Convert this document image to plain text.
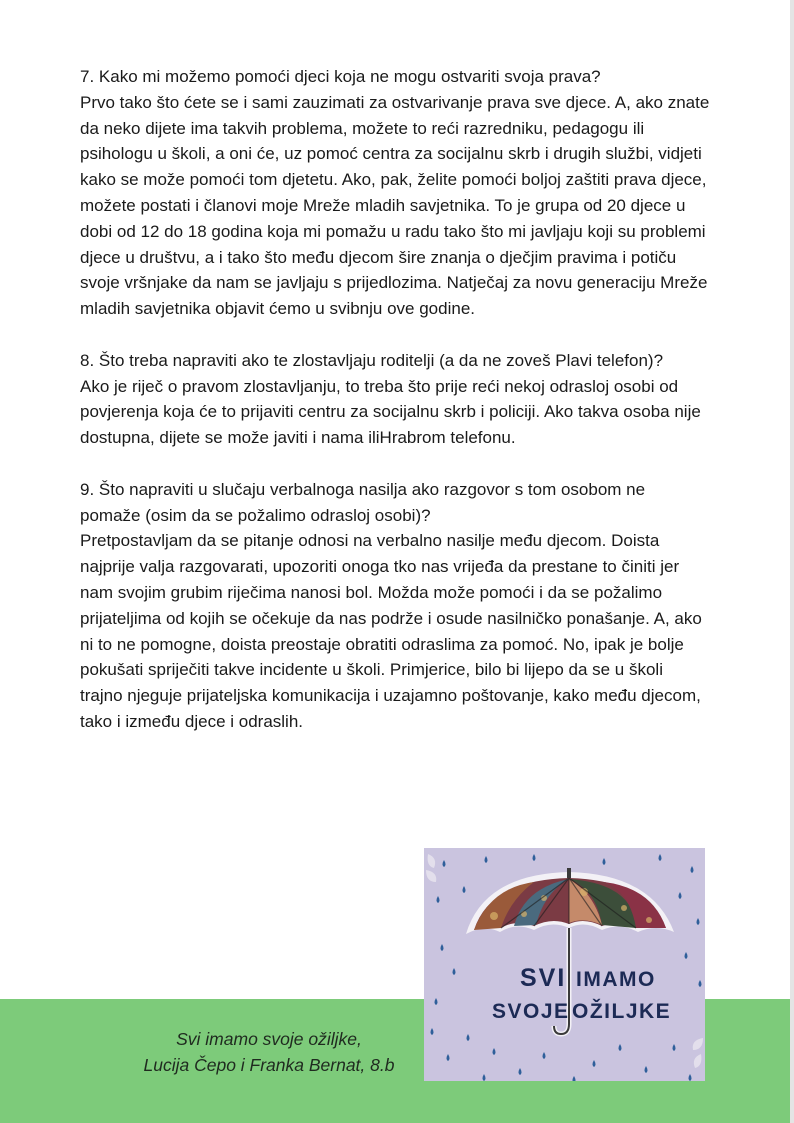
7. Kako mi možemo pomoći djeci koja ne mogu ostvariti svoja prava?

Prvo tako što ćete se i sami zauzimati za ostvarivanje prava sve djece. A, ako znate da neko dijete ima takvih problema, možete to reći razredniku, pedagogu ili psihologu u školi, a oni će, uz pomoć centra za socijalnu skrb i drugih službi, vidjeti kako se može pomoći tom djetetu. Ako, pak, želite pomoći boljoj zaštiti prava djece, možete postati i članovi moje Mreže mladih savjetnika. To je grupa od 20 djece u dobi od 12 do 18 godina koja mi pomažu u radu tako što mi javljaju koji su problemi djece u društvu, a i tako što među djecom šire znanja o dječjim pravima i potiču svoje vršnjake da nam se javljaju s prijedlozima. Natječaj za novu generaciju Mreže mladih savjetnika objavit ćemo u svibnju ove godine.

8. Što treba napraviti ako te zlostavljaju roditelji (a da ne zoveš Plavi telefon)?

Ako je riječ o pravom zlostavljanju, to treba što prije reći nekoj odrasloj osobi od povjerenja koja će to prijaviti centru za socijalnu skrb i policiji. Ako takva osoba nije dostupna, dijete se može javiti i nama iliHrabrom telefonu.

9. Što napraviti u slučaju verbalnoga nasilja ako razgovor s tom osobom ne pomaže (osim da se požalimo odrasloj osobi)?

Pretpostavljam da se pitanje odnosi na verbalno nasilje među djecom. Doista najprije valja razgovarati, upozoriti onoga tko nas vrijeđa da prestane to činiti jer nam svojim grubim riječima nanosi bol. Možda može pomoći i da se požalimo prijateljima od kojih se očekuje da nas podrže i osude nasilničko ponašanje. A, ako ni to ne pomogne, doista preostaje obratiti odraslima za pomoć. No, ipak je bolje pokušati spriječiti takve incidente u školi. Primjerice, bilo bi lijepo da se u školi trajno njeguje prijateljska komunikacija i uzajamno poštovanje, kako među djecom, tako i između djece i odraslih.

Svi imamo svoje ožiljke,

Lucija Čepo i Franka Bernat, 8.b

SVI IMAMO
SVOJE OŽILJKE
